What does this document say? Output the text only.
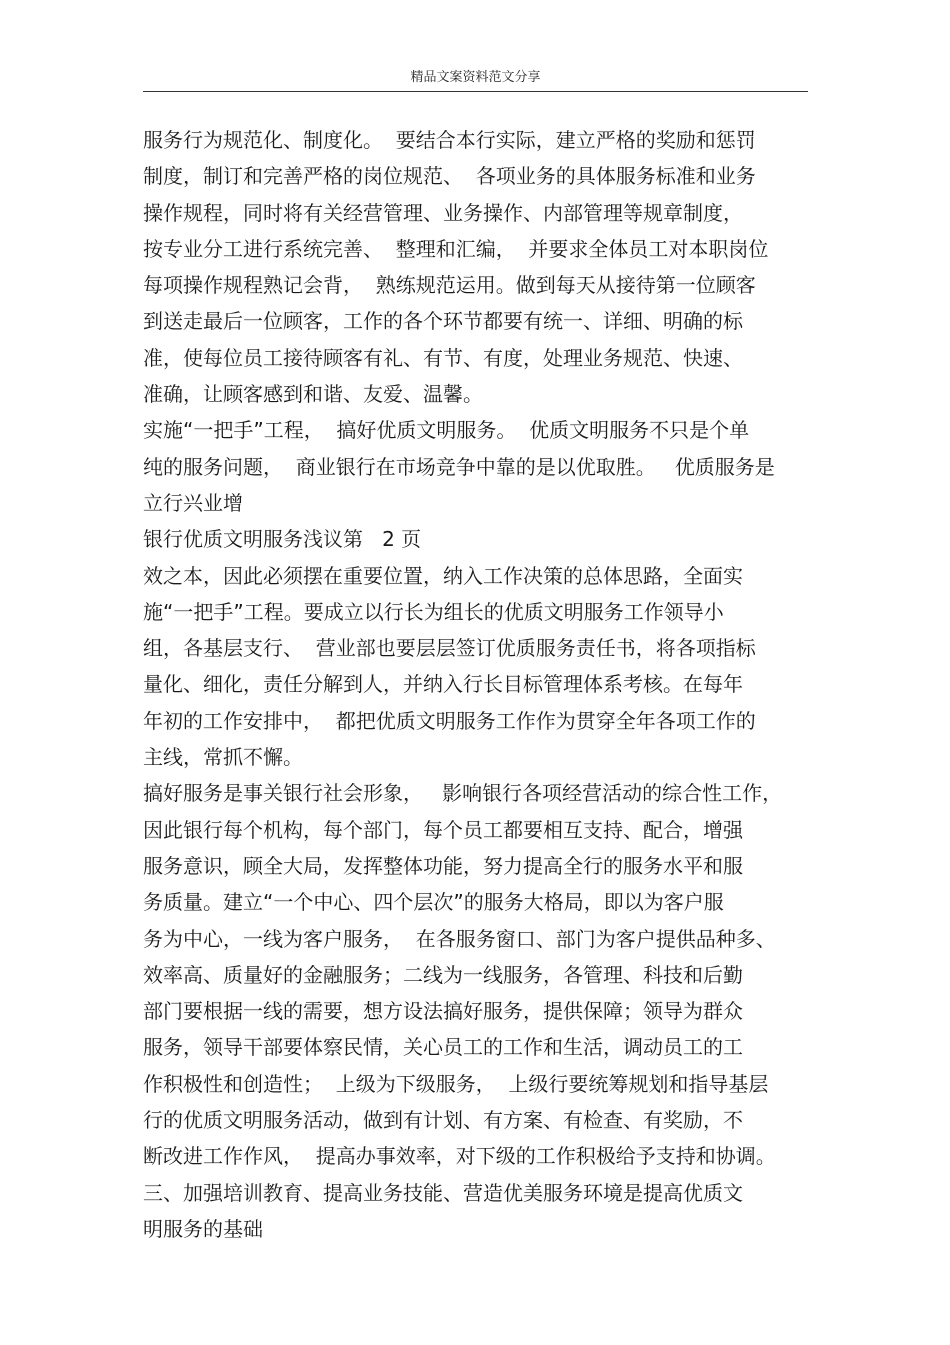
精品文案资料范文分享
服务行为规范化、制度化。  要结合本行实际，建立严格的奖励和惩罚
制度，制订和完善严格的岗位规范、  各项业务的具体服务标准和业务
操作规程，同时将有关经营管理、业务操作、内部管理等规章制度，
按专业分工进行系统完善、  整理和汇编，  并要求全体员工对本职岗位
每项操作规程熟记会背，  熟练规范运用。做到每天从接待第一位顾客
到送走最后一位顾客，工作的各个环节都要有统一、详细、明确的标
准，使每位员工接待顾客有礼、有节、有度，处理业务规范、快速、
准确，让顾客感到和谐、友爱、温馨。
实施“一把手”工程，  搞好优质文明服务。  优质文明服务不只是个单
纯的服务问题，  商业银行在市场竞争中靠的是以优取胜。   优质服务是
立行兴业增
银行优质文明服务浅议第   2 页
效之本，因此必须摆在重要位置，纳入工作决策的总体思路，全面实
施“一把手”工程。要成立以行长为组长的优质文明服务工作领导小
组，各基层支行、  营业部也要层层签订优质服务责任书，将各项指标
量化、细化，责任分解到人，并纳入行长目标管理体系考核。在每年
年初的工作安排中，  都把优质文明服务工作作为贯穿全年各项工作的
主线，常抓不懈。
搞好服务是事关银行社会形象，   影响银行各项经营活动的综合性工作，
因此银行每个机构，每个部门，每个员工都要相互支持、配合，增强
服务意识，顾全大局，发挥整体功能，努力提高全行的服务水平和服
务质量。建立“一个中心、四个层次”的服务大格局，即以为客户服
务为中心，一线为客户服务，  在各服务窗口、部门为客户提供品种多、
效率高、质量好的金融服务；二线为一线服务，各管理、科技和后勤
部门要根据一线的需要，想方设法搞好服务，提供保障；领导为群众
服务，领导干部要体察民情，关心员工的工作和生活，调动员工的工
作积极性和创造性；  上级为下级服务，  上级行要统筹规划和指导基层
行的优质文明服务活动，做到有计划、有方案、有检查、有奖励，不
断改进工作作风，  提高办事效率，对下级的工作积极给予支持和协调。
三、加强培训教育、提高业务技能、营造优美服务环境是提高优质文
明服务的基础
